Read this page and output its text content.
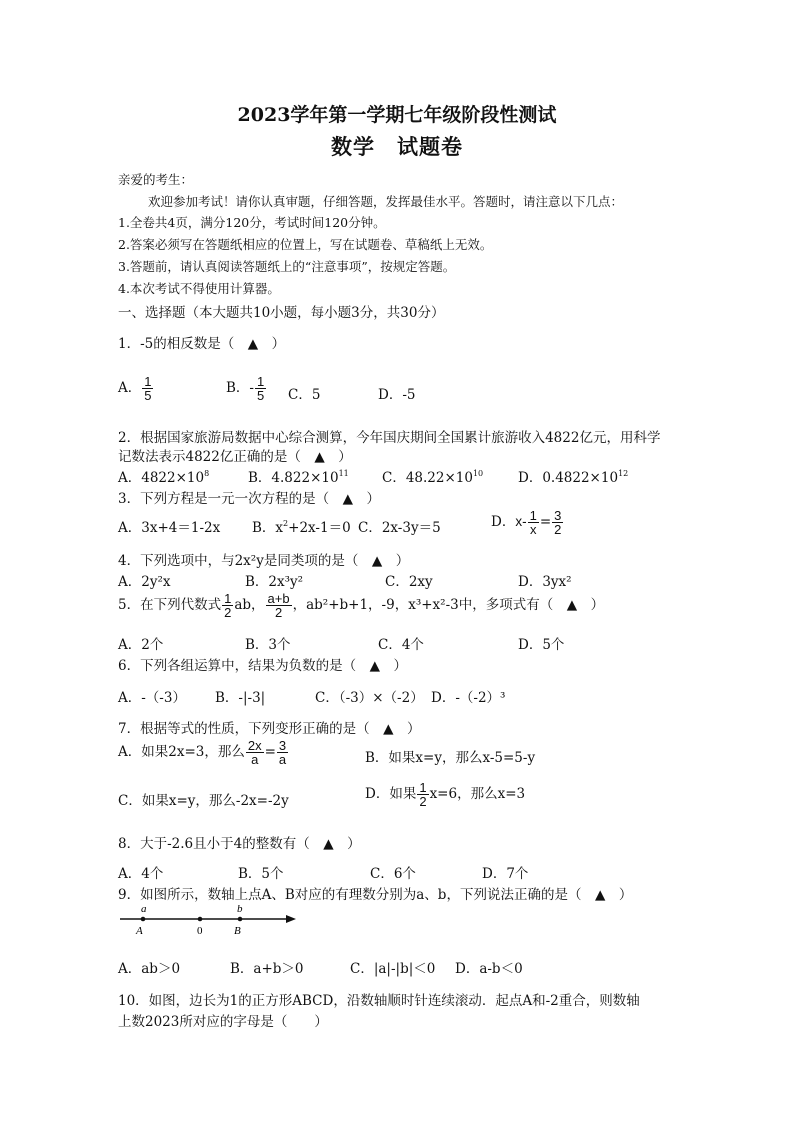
2023学年第一学期七年级阶段性测试
数学 试题卷
亲爱的考生：
欢迎参加考试！请你认真审题，仔细答题，发挥最佳水平。答题时，请注意以下几点：
1.全卷共4页，满分120分，考试时间120分钟。
2.答案必须写在答题纸相应的位置上，写在试题卷、草稿纸上无效。
3.答题前，请认真阅读答题纸上的“注意事项”，按规定答题。
4.本次考试不得使用计算器。
一、选择题（本大题共10小题，每小题3分，共30分）
1．-5的相反数是（　▲　）
A． $\frac{1}{5}$	B．- $\frac{1}{5}$ C．5	D．-5
2．根据国家旅游局数据中心综合测算，今年国庆期间全国累计旅游收入4822亿元，用科学
记数法表示4822亿正确的是（　▲　）
A．$4822\times 10^8$	B．$4.822\times 10^{11}$ C．$48.22\times 10^{10}$	D．$0.4822\times 10^{12}$
3．下列方程是一元一次方程的是（　▲　）
A．3x+4＝1-2x B．$x^2+2x-1=0$ C．2x-3y＝5	D．$x- \frac{1}{x} = \frac{3}{2}$
4．下列选项中，与2x²y是同类项的是（　▲　）
A．2y²x	B．2x³y²	C．2xy	D．3yx²
5．在下列代数式 $\frac{1}{2}$ ab， $\frac{a+b}{2}$ ，ab²+b+1，-9，x³+x²-3中，多项式有（　▲　）
A．2个	B．3个	C．4个	D．5个
6．下列各组运算中，结果为负数的是（　▲　）
A．-（-3） B．-|-3|	C．（-3）×（-2） D．-（-2）³
7．根据等式的性质，下列变形正确的是（　▲　）
A．如果2x=3，那么 $\frac{2x}{a} = \frac{3}{a}$	B．如果x=y，那么x-5=5-y
C．如果x=y，那么-2x=-2y	D．如果 $\frac{1}{2} x=6$，那么x=3
8．大于-2.6且小于4的整数有（　▲　）
A．4个	B．5个	C．6个	D．7个
9．如图所示，数轴上点A、B对应的有理数分别为a、b，下列说法正确的是（　▲　）
a
A	0
b
B
A．ab＞0	B．a+b＞0	C．|a|-|b|＜0 D．a-b＜0
10．如图，边长为1的正方形ABCD，沿数轴顺时针连续滚动．起点A和-2重合，则数轴
上数2023所对应的字母是（　　）
